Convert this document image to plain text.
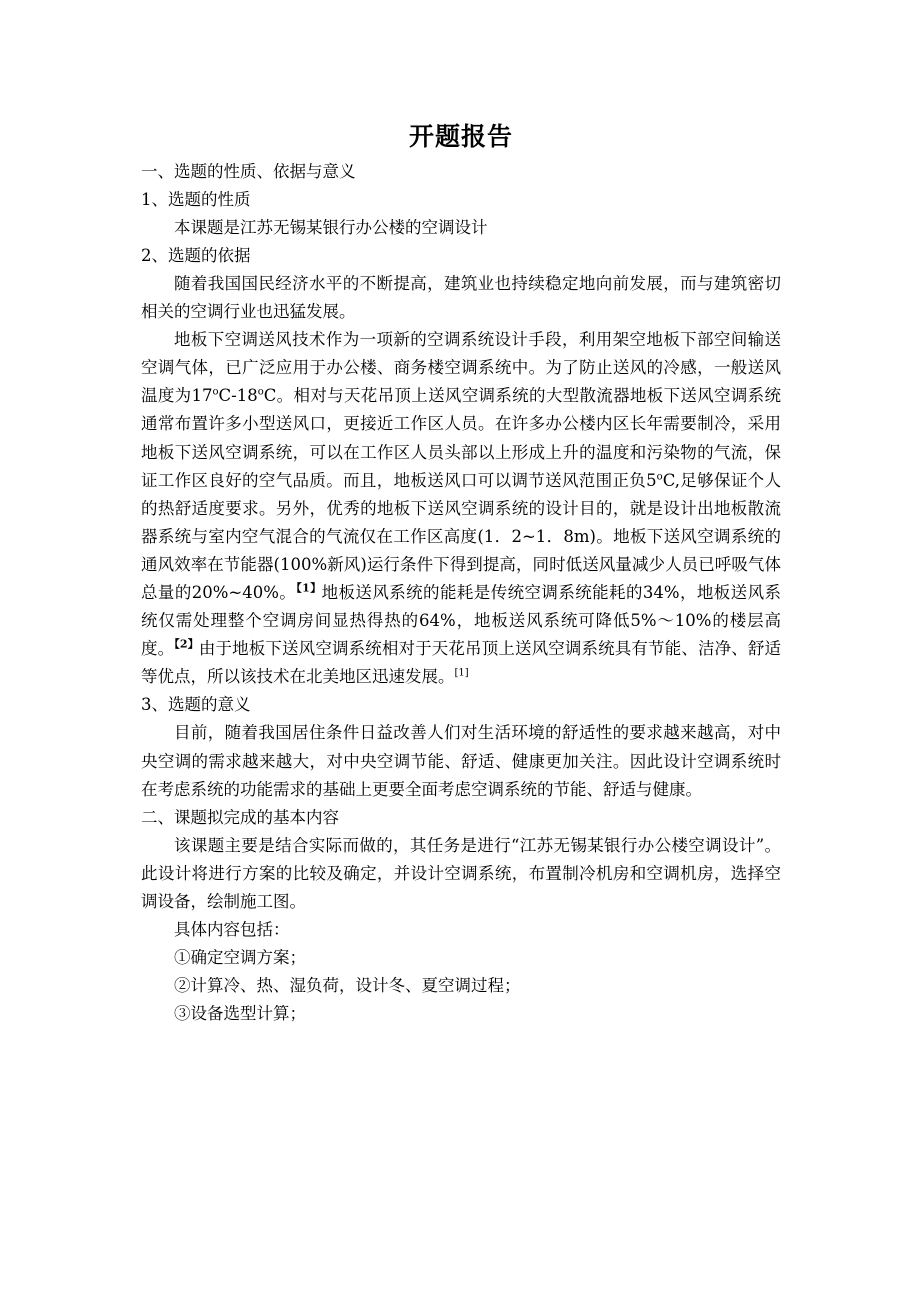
开题报告

一、选题的性质、依据与意义

1、选题的性质

本课题是江苏无锡某银行办公楼的空调设计

2、选题的依据

随着我国国民经济水平的不断提高，建筑业也持续稳定地向前发展，而与建筑密切相关的空调行业也迅猛发展。

地板下空调送风技术作为一项新的空调系统设计手段，利用架空地板下部空间输送空调气体，已广泛应用于办公楼、商务楼空调系统中。为了防止送风的冷感，一般送风温度为17$^o$C-18$^o$C。相对与天花吊顶上送风空调系统的大型散流器地板下送风空调系统通常布置许多小型送风口，更接近工作区人员。在许多办公楼内区长年需要制冷，采用地板下送风空调系统，可以在工作区人员头部以上形成上升的温度和污染物的气流，保证工作区良好的空气品质。而且，地板送风口可以调节送风范围正负5$^o$C,足够保证个人的热舒适度要求。另外，优秀的地板下送风空调系统的设计目的，就是设计出地板散流器系统与室内空气混合的气流仅在工作区高度(1．2~1．8m)。地板下送风空调系统的通风效率在节能器(100%新风)运行条件下得到提高，同时低送风量减少人员已呼吸气体总量的20%~40%。$^{【1】}$地板送风系统的能耗是传统空调系统能耗的34%，地板送风系统仅需处理整个空调房间显热得热的64%，地板送风系统可降低5%～10%的楼层高度。$^{【2】}$由于地板下送风空调系统相对于天花吊顶上送风空调系统具有节能、洁净、舒适等优点，所以该技术在北美地区迅速发展。[1]

3、选题的意义

目前，随着我国居住条件日益改善人们对生活环境的舒适性的要求越来越高，对中央空调的需求越来越大，对中央空调节能、舒适、健康更加关注。因此设计空调系统时在考虑系统的功能需求的基础上更要全面考虑空调系统的节能、舒适与健康。

二、课题拟完成的基本内容

该课题主要是结合实际而做的，其任务是进行“江苏无锡某银行办公楼空调设计”。此设计将进行方案的比较及确定，并设计空调系统，布置制冷机房和空调机房，选择空调设备，绘制施工图。

具体内容包括：

①确定空调方案；

②计算冷、热、湿负荷，设计冬、夏空调过程；

③设备选型计算；
